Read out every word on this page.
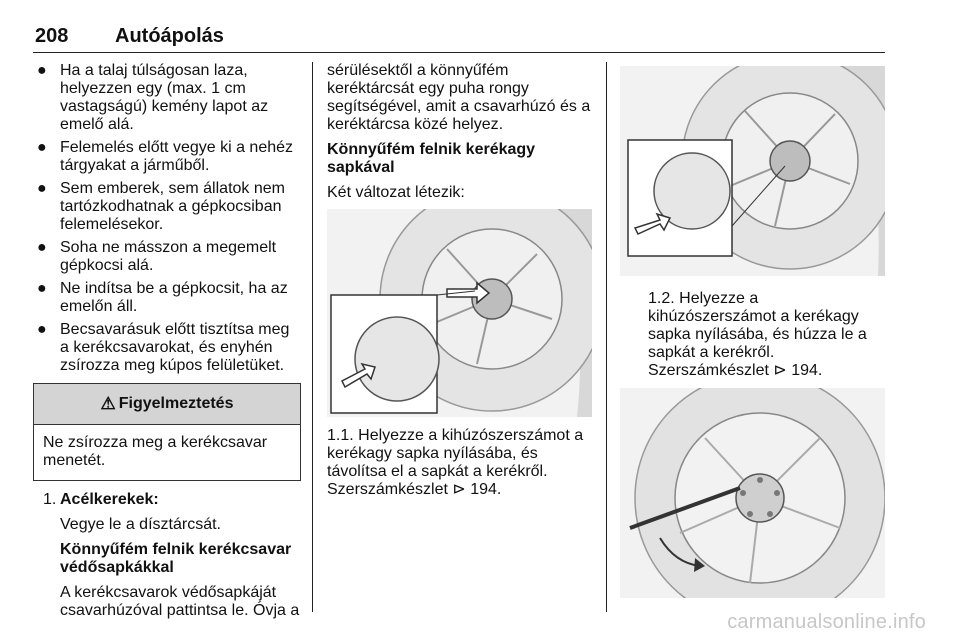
208 Autóápolás
● Ha a talaj túlságosan laza, helyezzen egy (max. 1 cm vastagságú) kemény lapot az emelő alá.
● Felemelés előtt vegye ki a nehéz tárgyakat a járműből.
● Sem emberek, sem állatok nem tartózkodhatnak a gépkocsiban felemelésekor.
● Soha ne másszon a megemelt gépkocsi alá.
● Ne indítsa be a gépkocsit, ha az emelőn áll.
● Becsavarásuk előtt tisztítsa meg a kerékcsavarokat, és enyhén zsírozza meg kúpos felületüket.
⚠ Figyelmeztetés
Ne zsírozza meg a kerékcsavar menetét.
1. Acélkerekek:
Vegye le a dísztárcsát.
Könnyűfém felnik kerékcsavar védősapkákkal
A kerékcsavarok védősapkáját csavarhúzóval pattintsa le. Óvja a
sérülésektől a könnyűfém keréktárcsát egy puha rongy segítségével, amit a csavarhúzó és a keréktárcsa közé helyez.
Könnyűfém felnik kerékagy sapkával
Két változat létezik:
1.1. Helyezze a kihúzószerszámot a kerékagy sapka nyílásába, és távolítsa el a sapkát a kerékről. Szerszámkészlet ⊳ 194.
1.2. Helyezze a kihúzószerszámot a kerékagy sapka nyílásába, és húzza le a sapkát a kerékről. Szerszámkészlet ⊳ 194.
carmanualsonline.info
